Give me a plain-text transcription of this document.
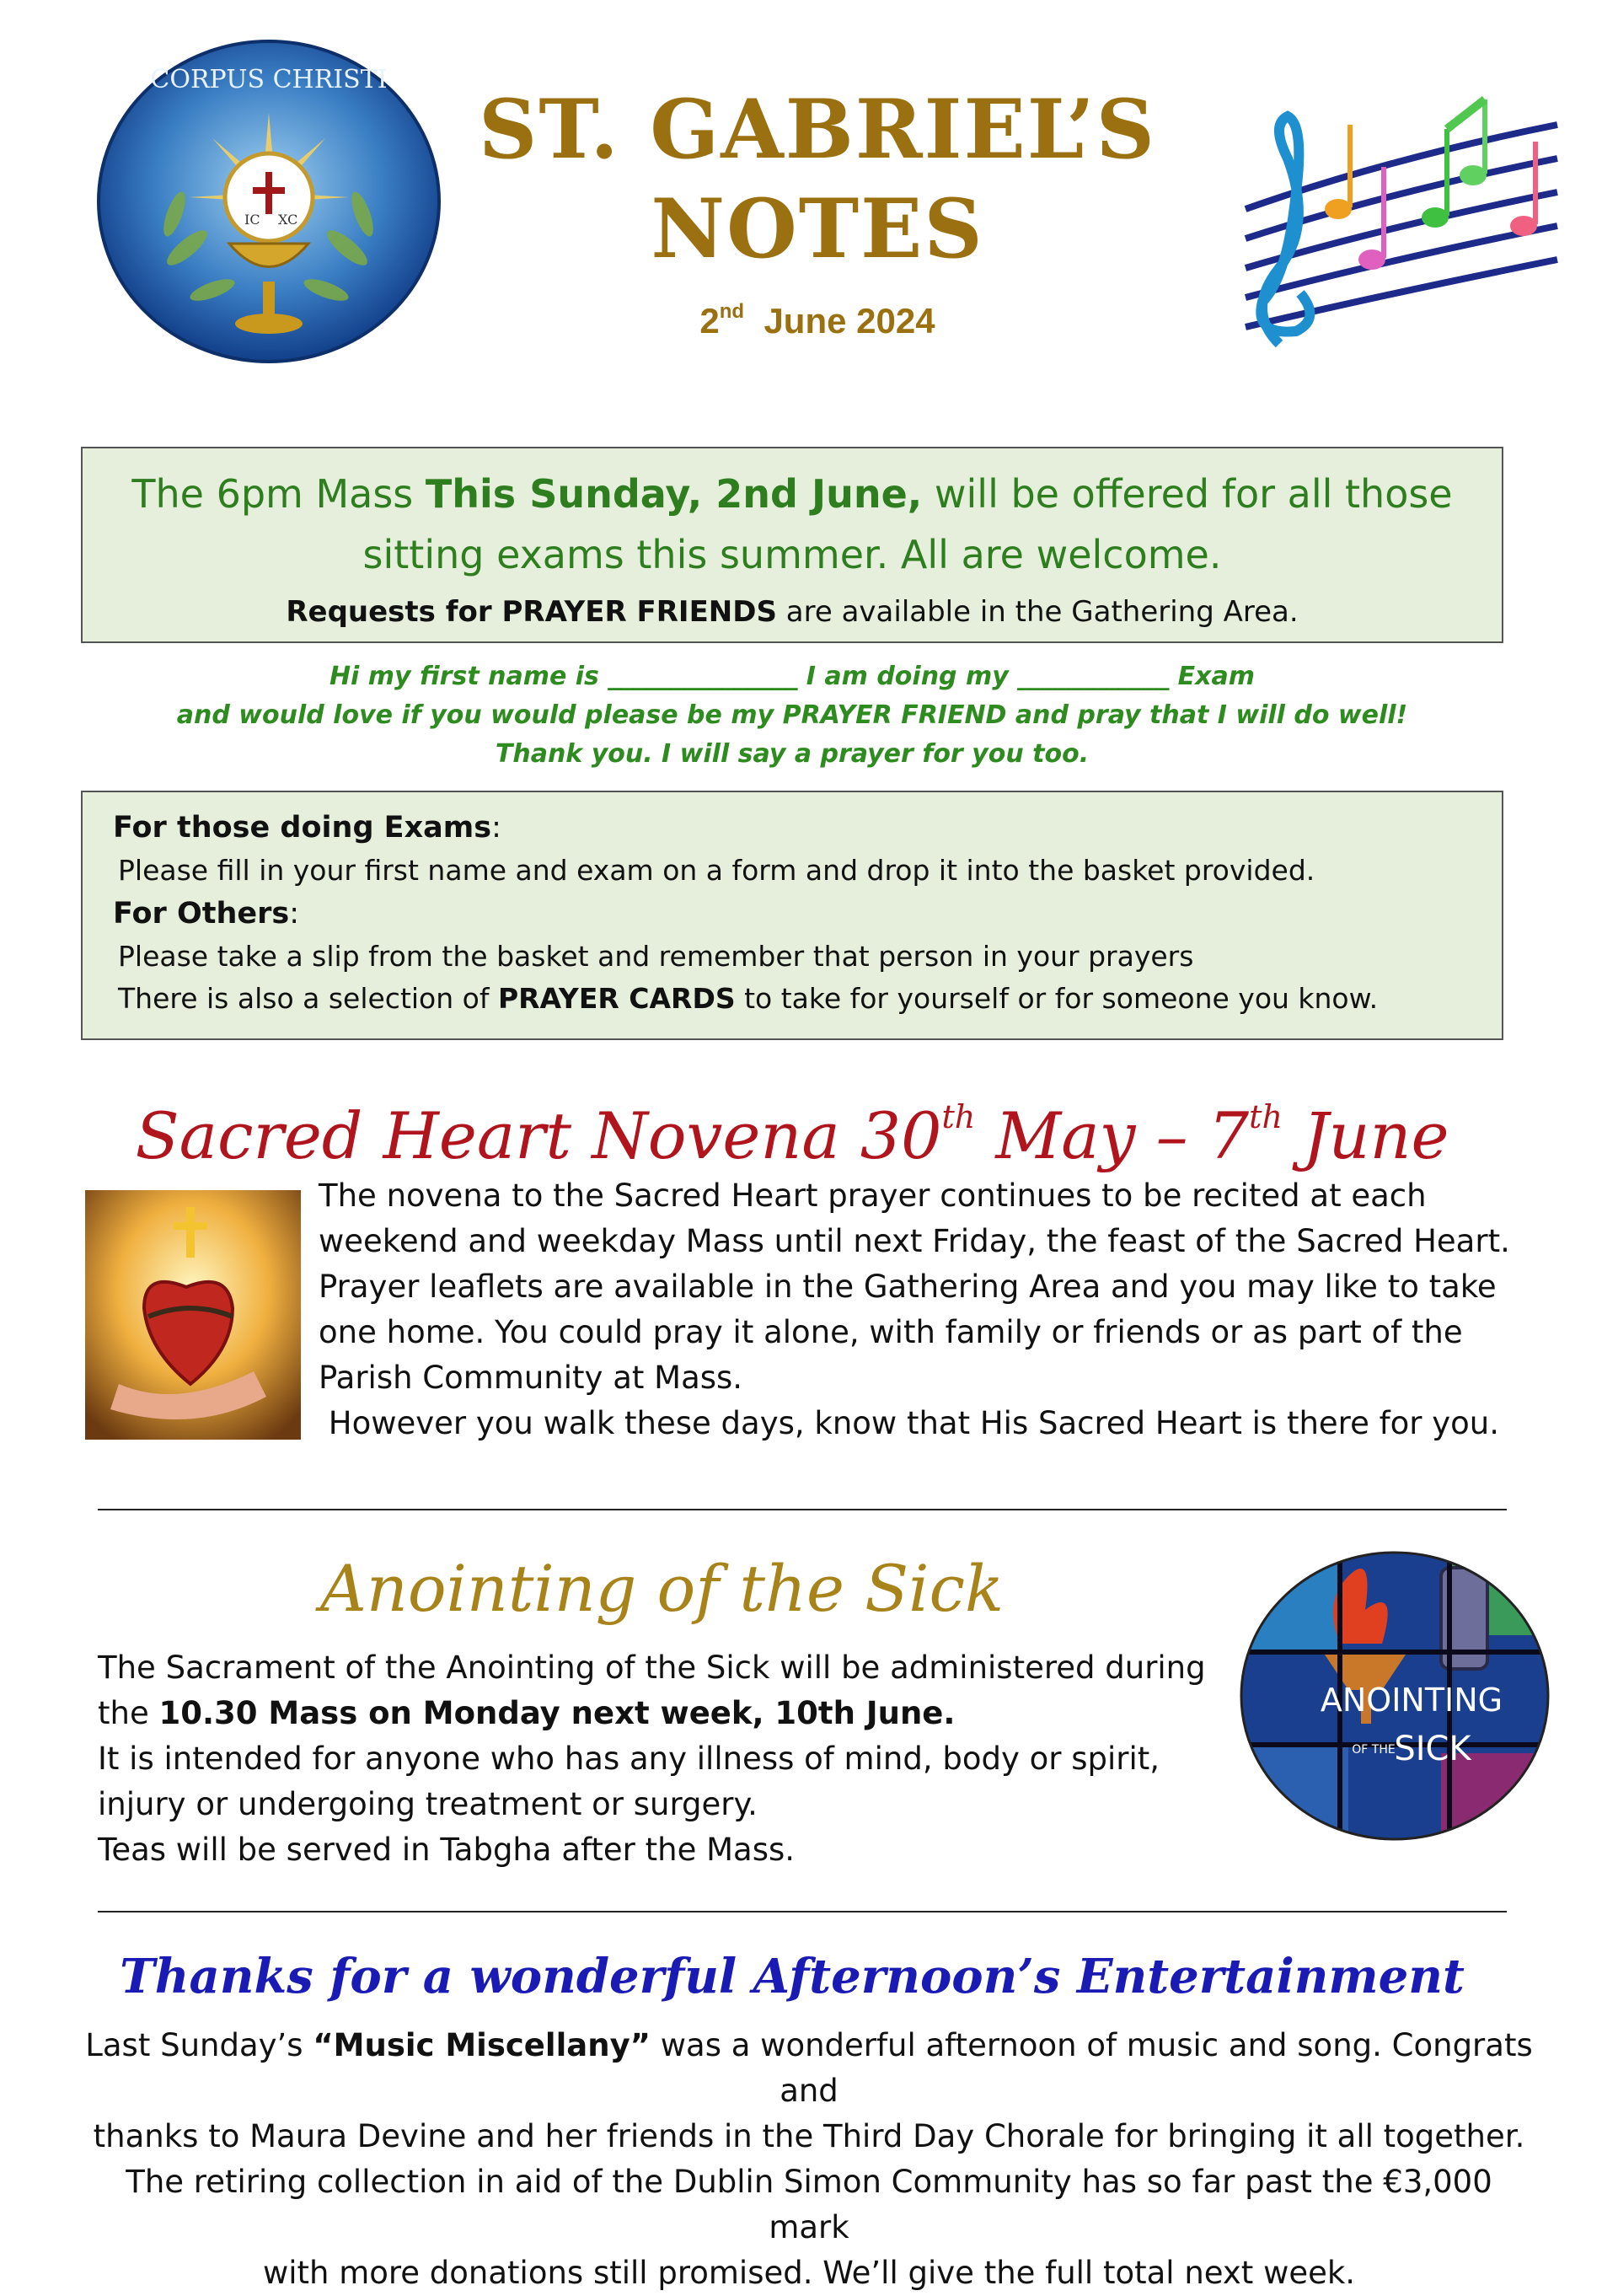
CORPUS CHRISTI
IC XC
ST. GABRIEL’S
NOTES
2nd June 2024
The 6pm Mass This Sunday, 2nd June, will be offered for all those
sitting exams this summer. All are welcome.
Requests for PRAYER FRIENDS are available in the Gathering Area.
Hi my first name is _______________ I am doing my ____________ Exam
and would love if you would please be my PRAYER FRIEND and pray that I will do well!
Thank you. I will say a prayer for you too.
For those doing Exams:
Please fill in your first name and exam on a form and drop it into the basket provided.
For Others:
Please take a slip from the basket and remember that person in your prayers
There is also a selection of PRAYER CARDS to take for yourself or for someone you know.
Sacred Heart Novena 30th May – 7th June
The novena to the Sacred Heart prayer continues to be recited at each
weekend and weekday Mass until next Friday, the feast of the Sacred Heart.
Prayer leaflets are available in the Gathering Area and you may like to take
one home. You could pray it alone, with family or friends or as part of the
Parish Community at Mass.
However you walk these days, know that His Sacred Heart is there for you.
Anointing of the Sick
The Sacrament of the Anointing of the Sick will be administered during
the 10.30 Mass on Monday next week, 10th June.
It is intended for anyone who has any illness of mind, body or spirit,
injury or undergoing treatment or surgery.
Teas will be served in Tabgha after the Mass.
ANOINTING
OF THE
SICK
Thanks for a wonderful Afternoon’s Entertainment
Last Sunday’s “Music Miscellany” was a wonderful afternoon of music and song. Congrats and
thanks to Maura Devine and her friends in the Third Day Chorale for bringing it all together.
The retiring collection in aid of the Dublin Simon Community has so far past the €3,000 mark
with more donations still promised. We’ll give the full total next week.
